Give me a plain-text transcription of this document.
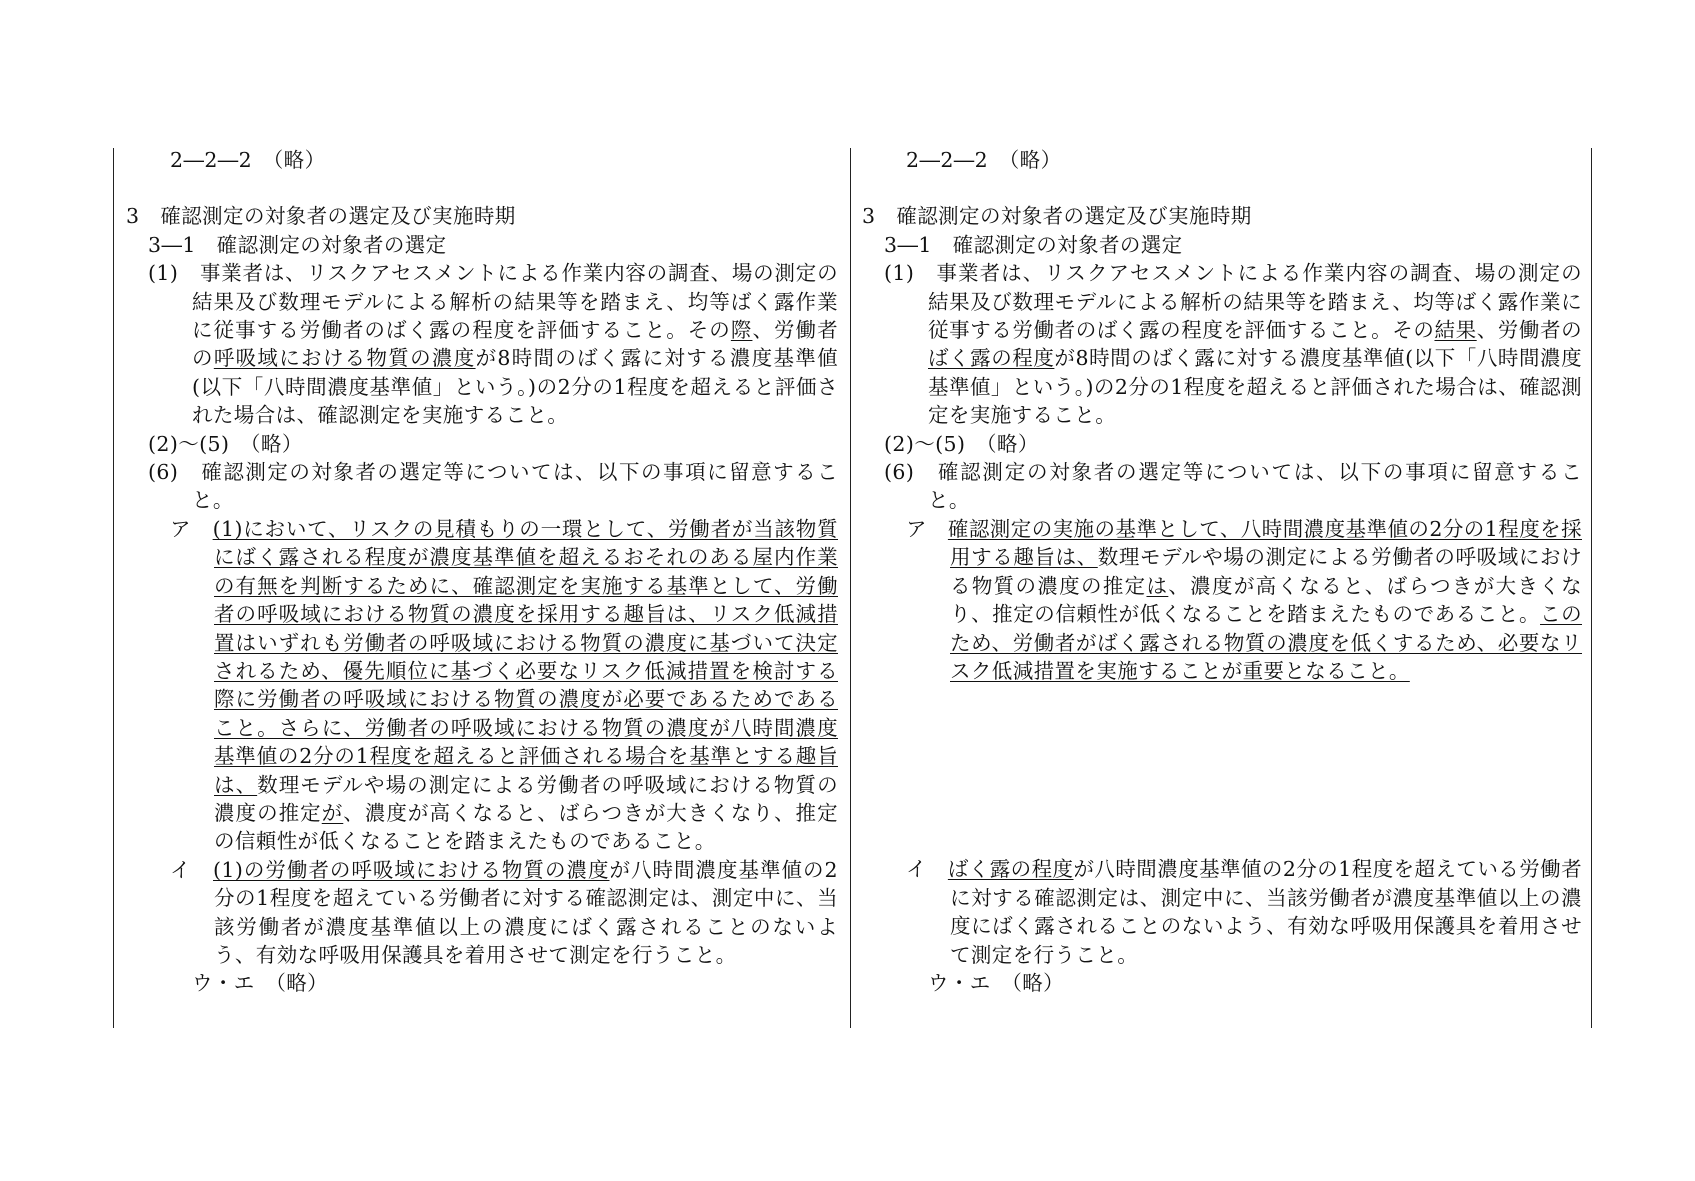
2―2―2　（略）

3　確認測定の対象者の選定及び実施時期

3―1　確認測定の対象者の選定

(1)　事業者は、リスクアセスメントによる作業内容の調査、場の測定の結果及び数理モデルによる解析の結果等を踏まえ、均等ばく露作業に従事する労働者のばく露の程度を評価すること。その際、労働者の呼吸域における物質の濃度が8時間のばく露に対する濃度基準値(以下「八時間濃度基準値」という。)の2分の1程度を超えると評価された場合は、確認測定を実施すること。

(2)～(5)　（略）

(6)　確認測定の対象者の選定等については、以下の事項に留意すること。

ア　(1)において、リスクの見積もりの一環として、労働者が当該物質にばく露される程度が濃度基準値を超えるおそれのある屋内作業の有無を判断するために、確認測定を実施する基準として、労働者の呼吸域における物質の濃度を採用する趣旨は、リスク低減措置はいずれも労働者の呼吸域における物質の濃度に基づいて決定されるため、優先順位に基づく必要なリスク低減措置を検討する際に労働者の呼吸域における物質の濃度が必要であるためであること。さらに、労働者の呼吸域における物質の濃度が八時間濃度基準値の2分の1程度を超えると評価される場合を基準とする趣旨は、数理モデルや場の測定による労働者の呼吸域における物質の濃度の推定が、濃度が高くなると、ばらつきが大きくなり、推定の信頼性が低くなることを踏まえたものであること。

イ　(1)の労働者の呼吸域における物質の濃度が八時間濃度基準値の2分の1程度を超えている労働者に対する確認測定は、測定中に、当該労働者が濃度基準値以上の濃度にばく露されることのないよう、有効な呼吸用保護具を着用させて測定を行うこと。

ウ・エ　（略）

2―2―2　（略）

3　確認測定の対象者の選定及び実施時期

3―1　確認測定の対象者の選定

(1)　事業者は、リスクアセスメントによる作業内容の調査、場の測定の結果及び数理モデルによる解析の結果等を踏まえ、均等ばく露作業に従事する労働者のばく露の程度を評価すること。その結果、労働者のばく露の程度が8時間のばく露に対する濃度基準値(以下「八時間濃度基準値」という。)の2分の1程度を超えると評価された場合は、確認測定を実施すること。

(2)～(5)　（略）

(6)　確認測定の対象者の選定等については、以下の事項に留意すること。

ア　確認測定の実施の基準として、八時間濃度基準値の2分の1程度を採用する趣旨は、数理モデルや場の測定による労働者の呼吸域における物質の濃度の推定は、濃度が高くなると、ばらつきが大きくなり、推定の信頼性が低くなることを踏まえたものであること。このため、労働者がばく露される物質の濃度を低くするため、必要なリスク低減措置を実施することが重要となること。

イ　ばく露の程度が八時間濃度基準値の2分の1程度を超えている労働者に対する確認測定は、測定中に、当該労働者が濃度基準値以上の濃度にばく露されることのないよう、有効な呼吸用保護具を着用させて測定を行うこと。

ウ・エ　（略）
